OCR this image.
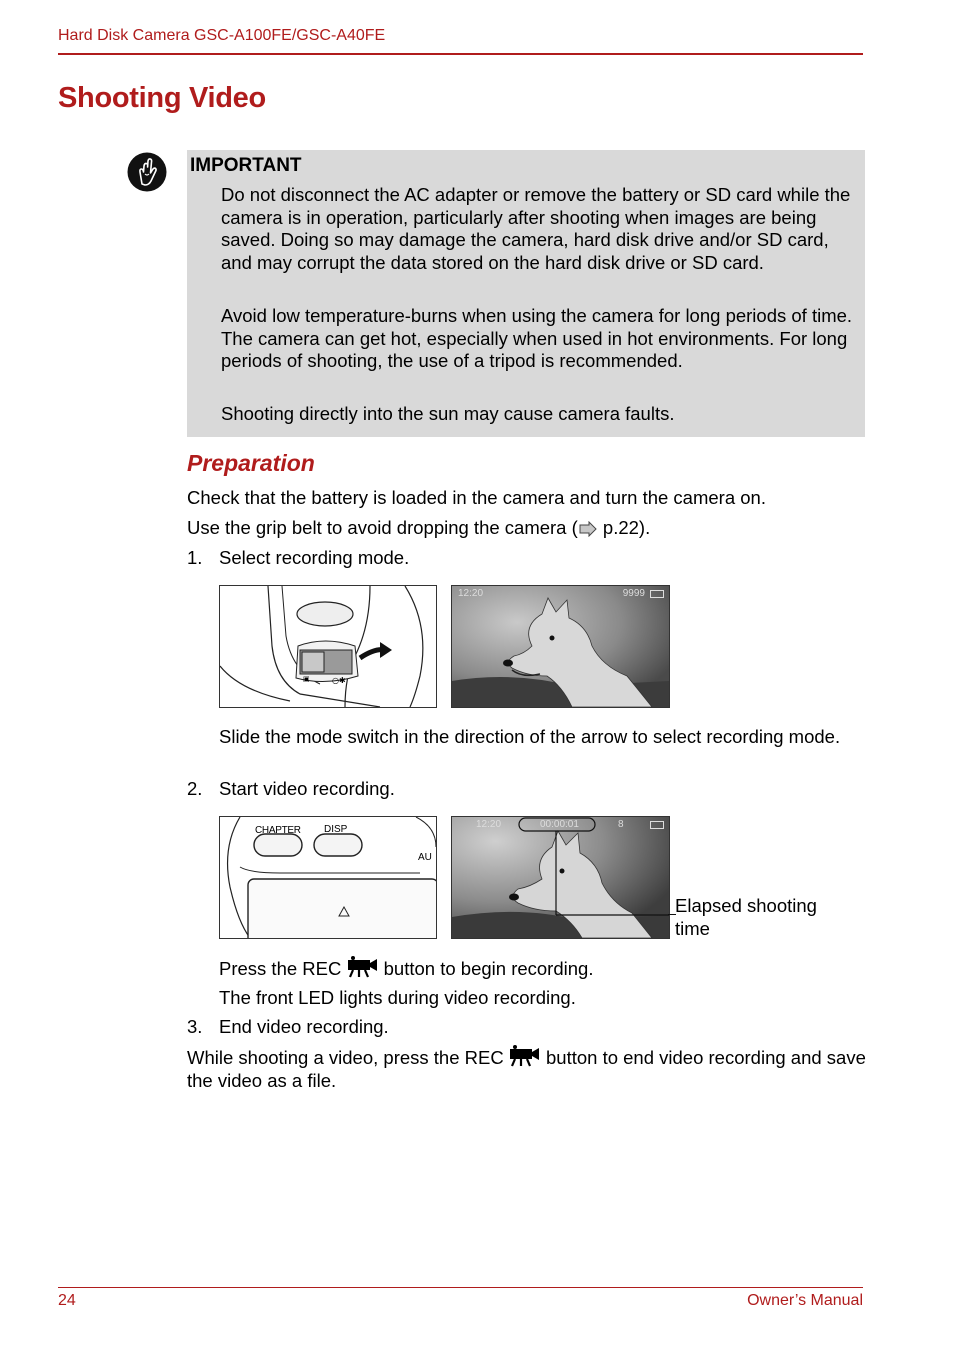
Hard Disk Camera GSC-A100FE/GSC-A40FE
Shooting Video
IMPORTANT
Do not disconnect the AC adapter or remove the battery or SD card while the camera is in operation, particularly after shooting when images are being saved. Doing so may damage the camera, hard disk drive and/or SD card, and may corrupt the data stored on the hard disk drive or SD card.
Avoid low temperature-burns when using the camera for long periods of time. The camera can get hot, especially when used in hot environments. For long periods of shooting, the use of a tripod is recommended.
Shooting directly into the sun may cause camera faults.
Preparation
Check that the battery is loaded in the camera and turn the camera on.
Use the grip belt to avoid dropping the camera ( p.22).
1. Select recording mode.
▣	○✱
12:20	9999
Slide the mode switch in the direction of the arrow to select recording mode.
2. Start video recording.
CHAPTER DISP
AU
12:20	00:00:01	8
Elapsed shooting time
Press the REC  button to begin recording.
The front LED lights during video recording.
3. End video recording.
While shooting a video, press the REC  button to end video recording and save the video as a file.
24	Owner’s Manual
